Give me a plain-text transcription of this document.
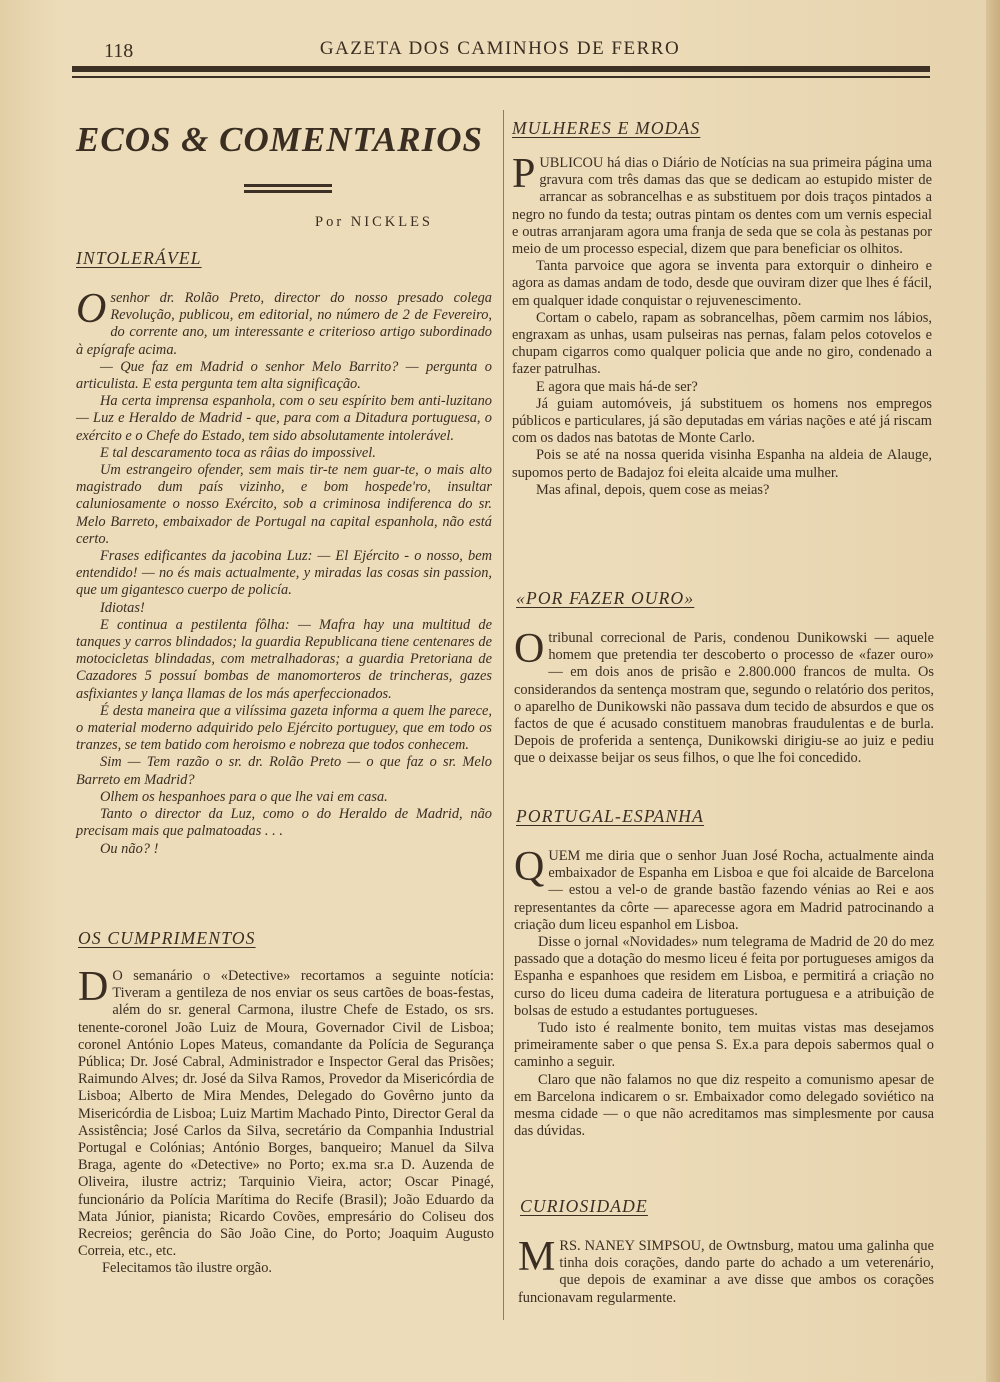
118	GAZETA DOS CAMINHOS DE FERRO
ECOS & COMENTARIOS
Por NICKLES
INTOLERÁVEL
O senhor dr. Rolão Preto, director do nosso presado colega Revolução, publicou, em editorial, no número de 2 de Fevereiro, do corrente ano, um interessante e criterioso artigo subordinado à epígrafe acima.

— Que faz em Madrid o senhor Melo Barrito? — pergunta o articulista. E esta pergunta tem alta significação.

Ha certa imprensa espanhola, com o seu espírito bem anti-luzitano — Luz e Heraldo de Madrid - que, para com a Ditadura portuguesa, o exército e o Chefe do Estado, tem sido absolutamente intolerável.

E tal descaramento toca as râias do impossivel.

Um estrangeiro ofender, sem mais tir-te nem guar-te, o mais alto magistrado dum país vizinho, e bom hospede'ro, insultar caluniosamente o nosso Exército, sob a criminosa indiferenca do sr. Melo Barreto, embaixador de Portugal na capital espanhola, não está certo.

Frases edificantes da jacobina Luz: — El Ejército - o nosso, bem entendido! — no és mais actualmente, y miradas las cosas sin passion, que um gigantesco cuerpo de policía.

Idiotas!

E continua a pestilenta fôlha: — Mafra hay una multitud de tanques y carros blindados; la guardia Republicana tiene centenares de motocicletas blindadas, com metralhadoras; a guardia Pretoriana de Cazadores 5 possuí bombas de manomorteros de trincheras, gazes asfixiantes y lança llamas de los más aperfeccionados.

É desta maneira que a vilíssima gazeta informa a quem lhe parece, o material moderno adquirido pelo Ejército portuguey, que em todo os tranzes, se tem batido com heroismo e nobreza que todos conhecem.

Sim — Tem razão o sr. dr. Rolão Preto — o que faz o sr. Melo Barreto em Madrid?

Olhem os hespanhoes para o que lhe vai em casa.

Tanto o director da Luz, como o do Heraldo de Madrid, não precisam mais que palmatoadas . . .

Ou não? !

OS CUMPRIMENTOS
D O semanário o «Detective» recortamos a seguinte notícia: Tiveram a gentileza de nos enviar os seus cartões de boas-festas, além do sr. general Carmona, ilustre Chefe de Estado, os srs. tenente-coronel João Luiz de Moura, Governador Civil de Lisboa; coronel António Lopes Mateus, comandante da Polícia de Segurança Pública; Dr. José Cabral, Administrador e Inspector Geral das Prisões; Raimundo Alves; dr. José da Silva Ramos, Provedor da Misericórdia de Lisboa; Alberto de Mira Mendes, Delegado do Govêrno junto da Misericórdia de Lisboa; Luiz Martim Machado Pinto, Director Geral da Assistência; José Carlos da Silva, secretário da Companhia Industrial Portugal e Colónias; António Borges, banqueiro; Manuel da Silva Braga, agente do «Detective» no Porto; ex.ma sr.a D. Auzenda de Oliveira, ilustre actriz; Tarquinio Vieira, actor; Oscar Pinagé, funcionário da Polícia Marítima do Recife (Brasil); João Eduardo da Mata Júnior, pianista; Ricardo Covões, empresário do Coliseu dos Recreios; gerência do São João Cine, do Porto; Joaquim Augusto Correia, etc., etc.

Felecitamos tão ilustre orgão.

MULHERES E MODAS
P UBLICOU há dias o Diário de Notícias na sua primeira página uma gravura com três damas das que se dedicam ao estupido mister de arrancar as sobrancelhas e as substituem por dois traços pintados a negro no fundo da testa; outras pintam os dentes com um vernis especial e outras arranjaram agora uma franja de seda que se cola às pestanas por meio de um processo especial, dizem que para beneficiar os olhitos.

Tanta parvoice que agora se inventa para extorquir o dinheiro e agora as damas andam de todo, desde que ouviram dizer que lhes é fácil, em qualquer idade conquistar o rejuvenescimento.

Cortam o cabelo, rapam as sobrancelhas, põem carmim nos lábios, engraxam as unhas, usam pulseiras nas pernas, falam pelos cotovelos e chupam cigarros como qualquer policia que ande no giro, condenado a fazer patrulhas.

E agora que mais há-de ser?

Já guiam automóveis, já substituem os homens nos empregos públicos e particulares, já são deputadas em várias nações e até já riscam com os dados nas batotas de Monte Carlo.

Pois se até na nossa querida visinha Espanha na aldeia de Alauge, supomos perto de Badajoz foi eleita alcaide uma mulher.

Mas afinal, depois, quem cose as meias?

«POR FAZER OURO»
O tribunal correcional de Paris, condenou Dunikowski — aquele homem que pretendia ter descoberto o processo de «fazer ouro» — em dois anos de prisão e 2.800.000 francos de multa. Os considerandos da sentença mostram que, segundo o relatório dos peritos, o aparelho de Dunikowski não passava dum tecido de absurdos e que os factos de que é acusado constituem manobras fraudulentas e de burla. Depois de proferida a sentença, Dunikowski dirigiu-se ao juiz e pediu que o deixasse beijar os seus filhos, o que lhe foi concedido.

PORTUGAL-ESPANHA
Q UEM me diria que o senhor Juan José Rocha, actualmente ainda embaixador de Espanha em Lisboa e que foi alcaide de Barcelona — estou a vel-o de grande bastão fazendo vénias ao Rei e aos representantes da côrte — aparecesse agora em Madrid patrocinando a criação dum liceu espanhol em Lisboa.

Disse o jornal «Novidades» num telegrama de Madrid de 20 do mez passado que a dotação do mesmo liceu é feita por portugueses amigos da Espanha e espanhoes que residem em Lisboa, e permitirá a criação no curso do liceu duma cadeira de literatura portuguesa e a atribuição de bolsas de estudo a estudantes portugueses.

Tudo isto é realmente bonito, tem muitas vistas mas desejamos primeiramente saber o que pensa S. Ex.a para depois sabermos qual o caminho a seguir.

Claro que não falamos no que diz respeito a comunismo apesar de em Barcelona indicarem o sr. Embaixador como delegado soviético na mesma cidade — o que não acreditamos mas simplesmente por causa das dúvidas.

CURIOSIDADE
M RS. NANEY SIMPSOU, de Owtnsburg, matou uma galinha que tinha dois corações, dando parte do achado a um veterenário, que depois de examinar a ave disse que ambos os corações funcionavam regularmente.
